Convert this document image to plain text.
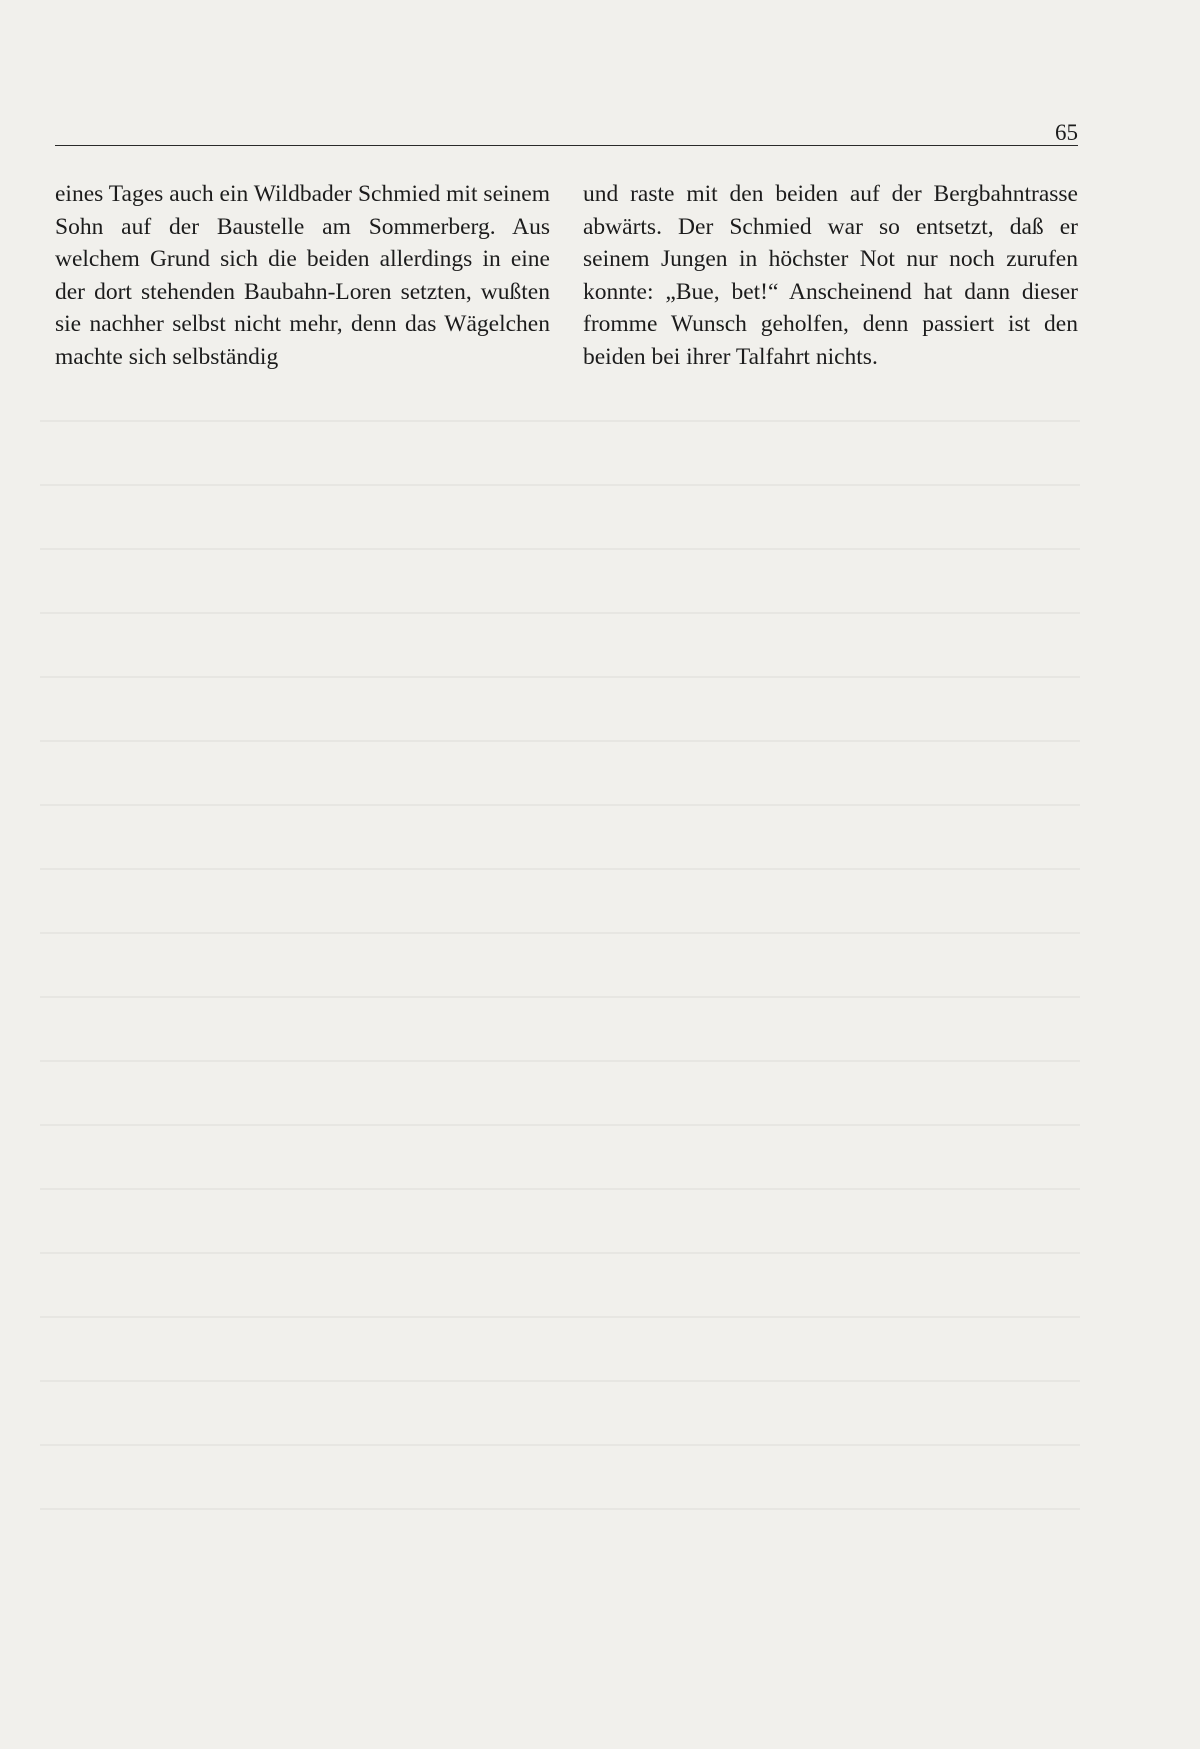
65

eines Tages auch ein Wildbader Schmied mit seinem Sohn auf der Baustelle am Sommerberg. Aus welchem Grund sich die beiden allerdings in eine der dort stehenden Baubahn-Loren setzten, wußten sie nachher selbst nicht mehr, denn das Wägelchen machte sich selbständig

und raste mit den beiden auf der Bergbahntrasse abwärts. Der Schmied war so entsetzt, daß er seinem Jungen in höchster Not nur noch zurufen konnte: „Bue, bet!“ Anscheinend hat dann dieser fromme Wunsch geholfen, denn passiert ist den beiden bei ihrer Talfahrt nichts.
